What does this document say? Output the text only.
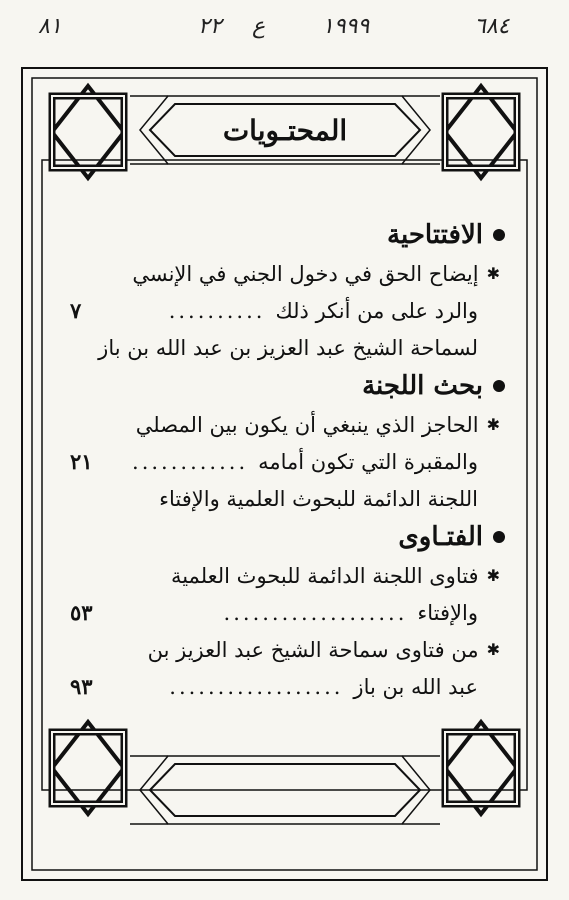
٦٨٤
١٩٩٩
ع
٢٢
٨١
المحتـويات
الافتتاحية
✱
إيضاح الحق في دخول الجني في الإنسي
والرد على من أنكر ذلك
..........
٧
لسماحة الشيخ عبد العزيز بن عبد الله بن باز
بحث اللجنة
✱
الحاجز الذي ينبغي أن يكون بين المصلي
والمقبرة التي تكون أمامه
............
٢١
اللجنة الدائمة للبحوث العلمية والإفتاء
الفتـاوى
✱
فتاوى اللجنة الدائمة للبحوث العلمية
والإفتاء
...................
٥٣
✱
من فتاوى سماحة الشيخ عبد العزيز بن
عبد الله بن باز
..................
٩٣
